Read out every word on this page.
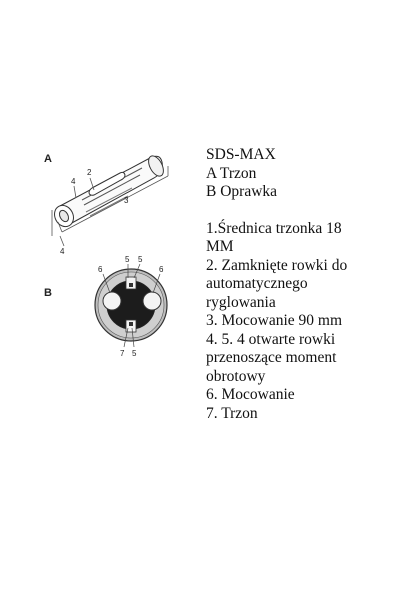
A
4
2
3
4
B
6
5 5
6
7 5
SDS-MAX
A Trzon
B Oprawka
1.Średnica trzonka 18
MM
2. Zamknięte rowki do
automatycznego
ryglowania
3. Mocowanie 90 mm
4. 5. 4 otwarte rowki
przenoszące moment
obrotowy
6. Mocowanie
7. Trzon
